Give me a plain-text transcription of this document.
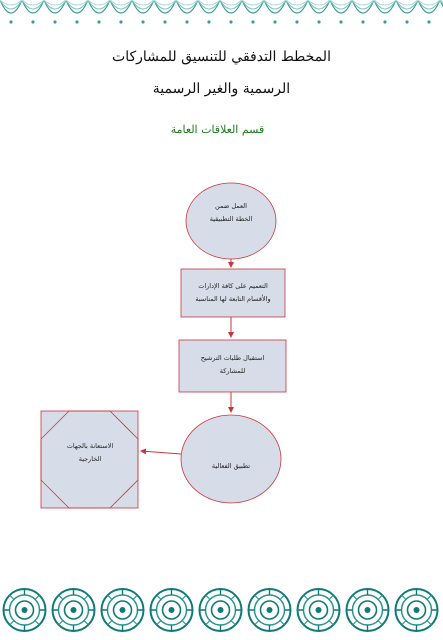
المخطط التدفقي للتنسيق للمشاركات
الرسمية والغير الرسمية
قسم العلاقات العامة
العمل ضمن
الخطة التطبيقية
التعميم على كافة الإدارات
والأقسام التابعة لها المناسبة
استقبال طلبات الترشيح
للمشاركة
تطبيق الفعالية
الاستعانة بالجهات
الخارجية
